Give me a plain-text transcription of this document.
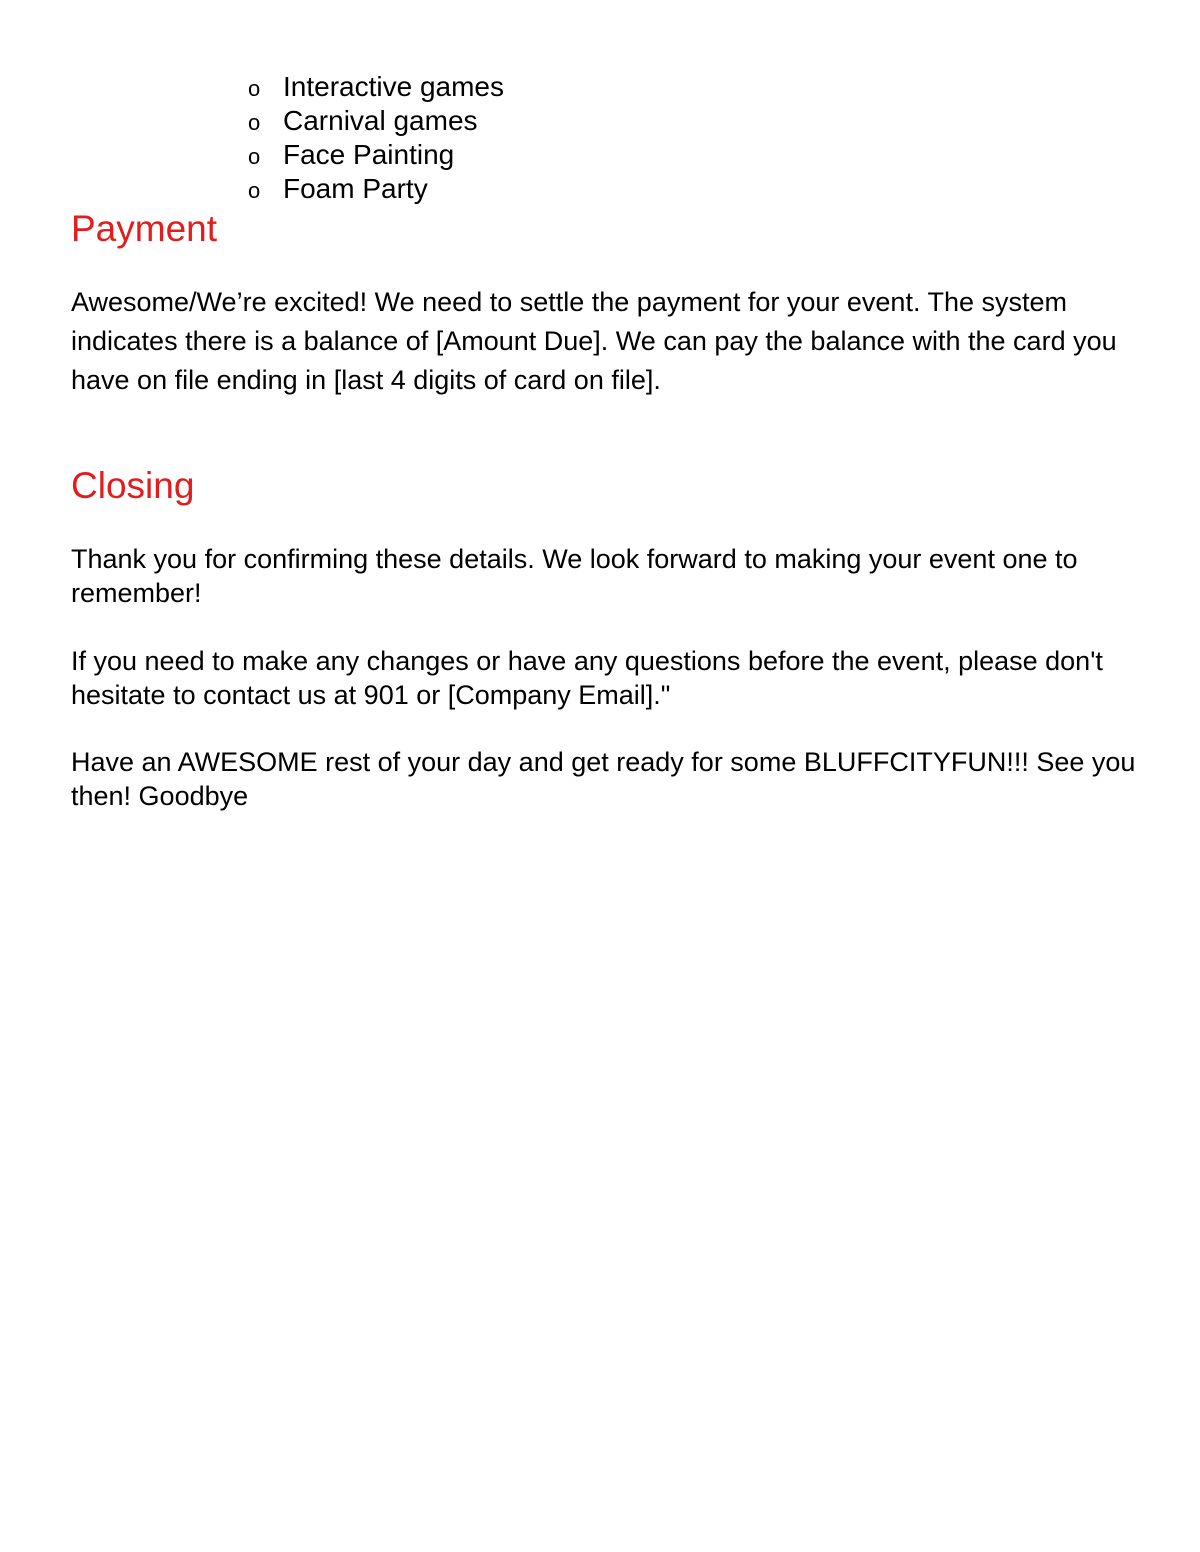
o Interactive games
o Carnival games
o Face Painting
o Foam Party
Payment

Awesome/We’re excited! We need to settle the payment for your event. The system indicates there is a balance of [Amount Due]. We can pay the balance with the card you have on file ending in [last 4 digits of card on file].

Closing

Thank you for confirming these details. We look forward to making your event one to remember!

If you need to make any changes or have any questions before the event, please don't hesitate to contact us at 901 or [Company Email]."

Have an AWESOME rest of your day and get ready for some BLUFFCITYFUN!!! See you then! Goodbye
